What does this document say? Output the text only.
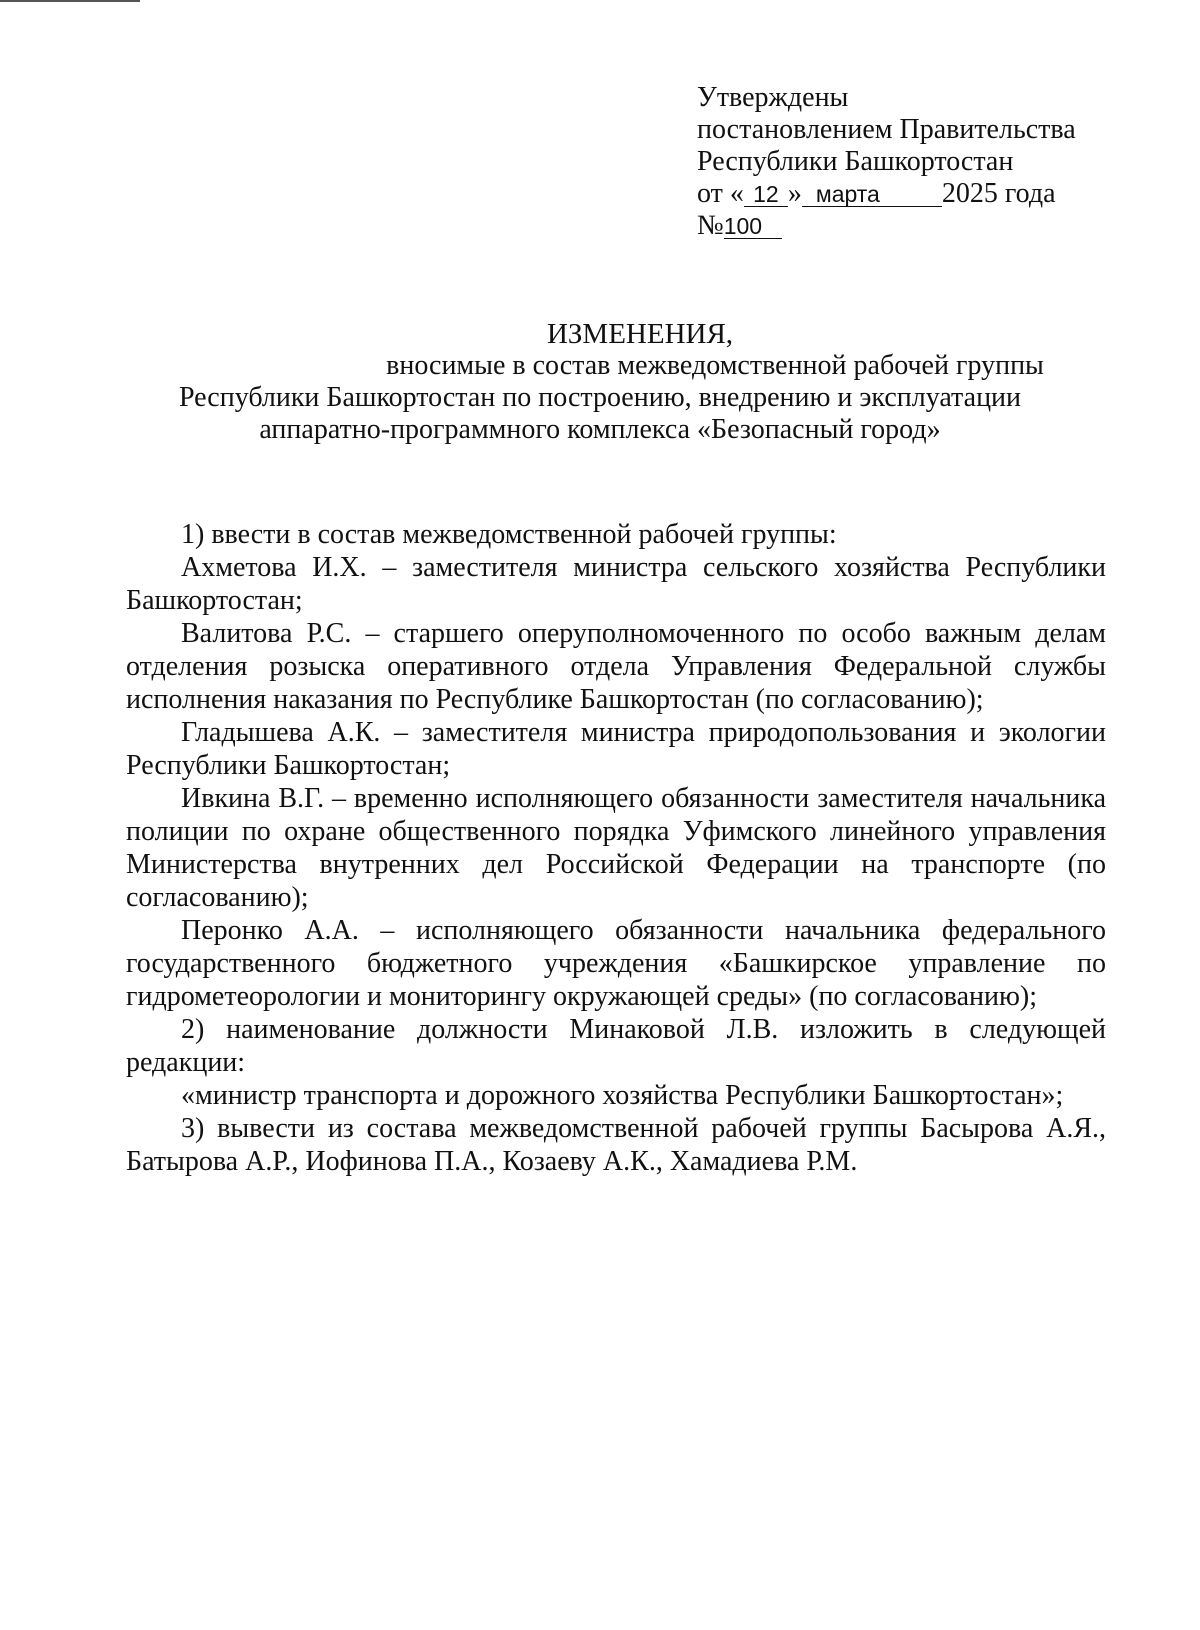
Утверждены
постановлением Правительства
Республики Башкортостан
от « 12 » марта 2025 года
№100
ИЗМЕНЕНИЯ,
вносимые в состав межведомственной рабочей группы
Республики Башкортостан по построению, внедрению и эксплуатации
аппаратно-программного комплекса «Безопасный город»

1) ввести в состав межведомственной рабочей группы:

Ахметова И.Х. – заместителя министра сельского хозяйства Республики Башкортостан;

Валитова Р.С. – старшего оперуполномоченного по особо важным делам отделения розыска оперативного отдела Управления Федеральной службы исполнения наказания по Республике Башкортостан (по согласованию);

Гладышева А.К. – заместителя министра природопользования и экологии Республики Башкортостан;

Ивкина В.Г. – временно исполняющего обязанности заместителя начальника полиции по охране общественного порядка Уфимского линейного управления Министерства внутренних дел Российской Федерации на транспорте (по согласованию);

Перонко А.А. – исполняющего обязанности начальника федерального государственного бюджетного учреждения «Башкирское управление по гидрометеорологии и мониторингу окружающей среды» (по согласованию);

2) наименование должности Минаковой Л.В. изложить в следующей редакции:

«министр транспорта и дорожного хозяйства Республики Башкортостан»;

3) вывести из состава межведомственной рабочей группы Басырова А.Я., Батырова А.Р., Иофинова П.А., Козаеву А.К., Хамадиева Р.М.
